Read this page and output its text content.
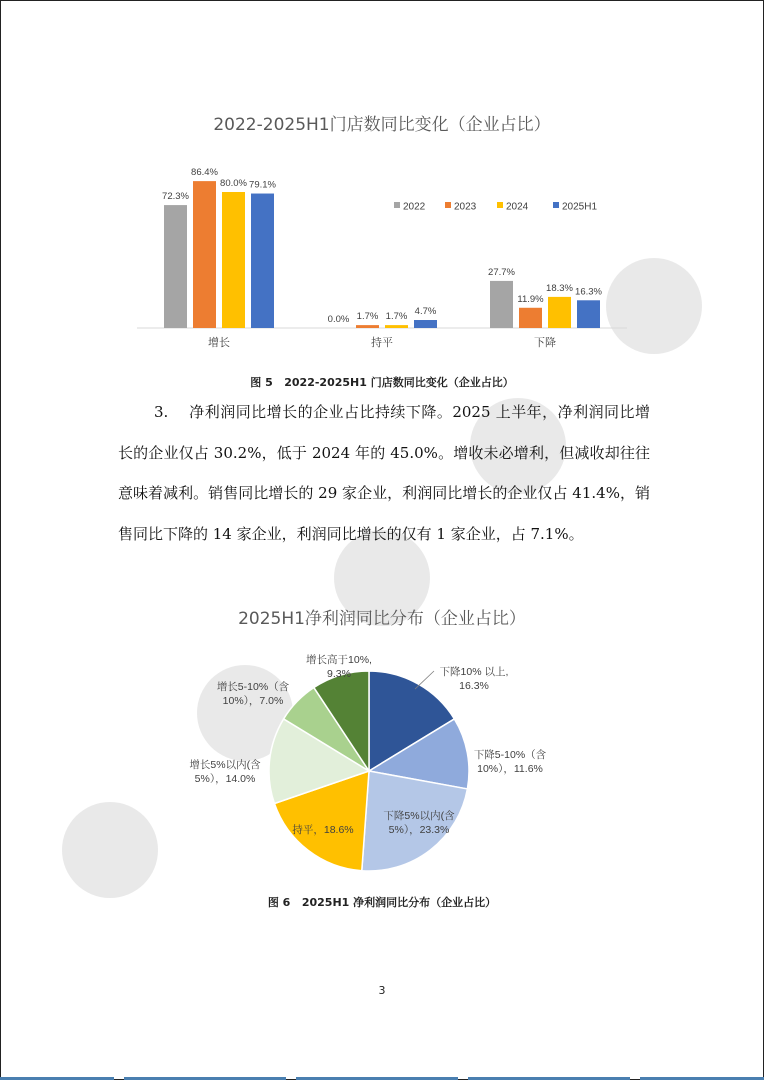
2022-2025H1门店数同比变化（企业占比）
72.3%
86.4%
80.0% 79.1%
增长
0.0% 1.7% 1.7% 4.7%
持平
27.7%
11.9%
18.3% 16.3%
下降
2022	2023	2024	2025H1
图 5 2022-2025H1 门店数同比变化（企业占比）
3. 净利润同比增长的企业占比持续下降。2025 上半年，净利润同比增长的企业仅占 30.2%，低于 2024 年的 45.0%。增收未必增利，但减收却往往意味着减利。销售同比增长的 29 家企业，利润同比增长的企业仅占 41.4%，销售同比下降的 14 家企业，利润同比增长的仅有 1 家企业，占 7.1%。
2025H1净利润同比分布（企业占比）
下降10% 以上, 16.3%
下降5-10%（含 10%），11.6%
下降5%以内(含 5%），23.3%
持平，18.6%
增长5%以内(含 5%），14.0%
增长5-10%（含 10%），7.0%
增长高于10%, 9.3%
图 6 2025H1 净利润同比分布（企业占比）
3
